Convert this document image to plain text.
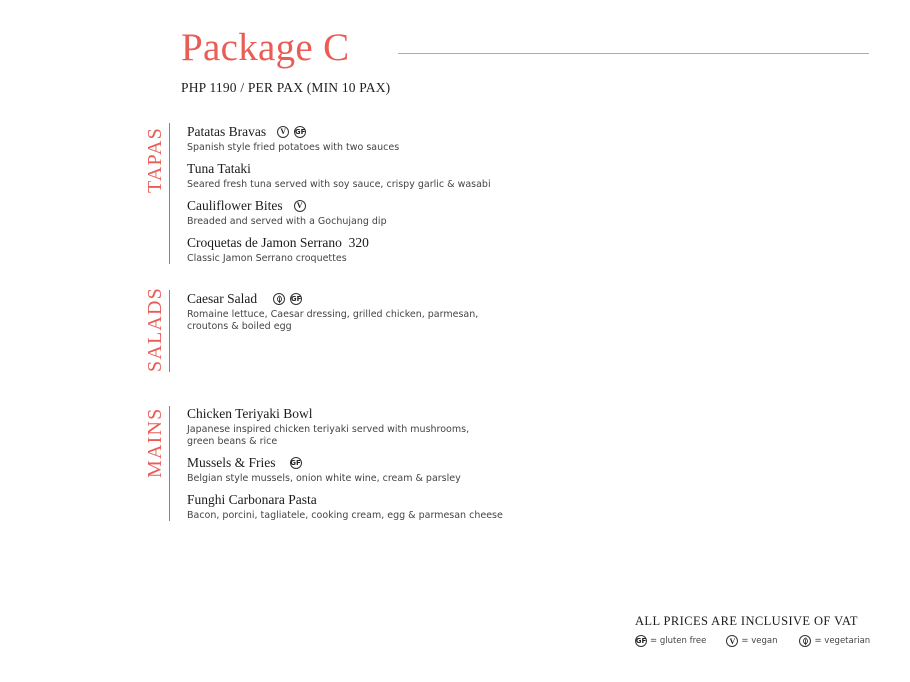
Package C
PHP 1190 / PER PAX (MIN 10 PAX)
TAPAS Patatas Bravas	V	GF
Spanish style fried potatoes with two sauces
Tuna Tataki
Seared fresh tuna served with soy sauce, crispy garlic & wasabi
Cauliflower Bites	V
Breaded and served with a Gochujang dip
Croquetas de Jamon Serrano  320
Classic Jamon Serrano croquettes
SALADS Caesar Salad	GF
Romaine lettuce, Caesar dressing, grilled chicken, parmesan,
croutons & boiled egg
MAINS Chicken Teriyaki Bowl
Japanese inspired chicken teriyaki served with mushrooms,
green beans & rice
Mussels & Fries GF
Belgian style mussels, onion white wine, cream & parsley
Funghi Carbonara Pasta
Bacon, porcini, tagliatele, cooking cream, egg & parmesan cheese
ALL PRICES ARE INCLUSIVE OF VAT
GF = gluten free	V = vegan	= vegetarian
